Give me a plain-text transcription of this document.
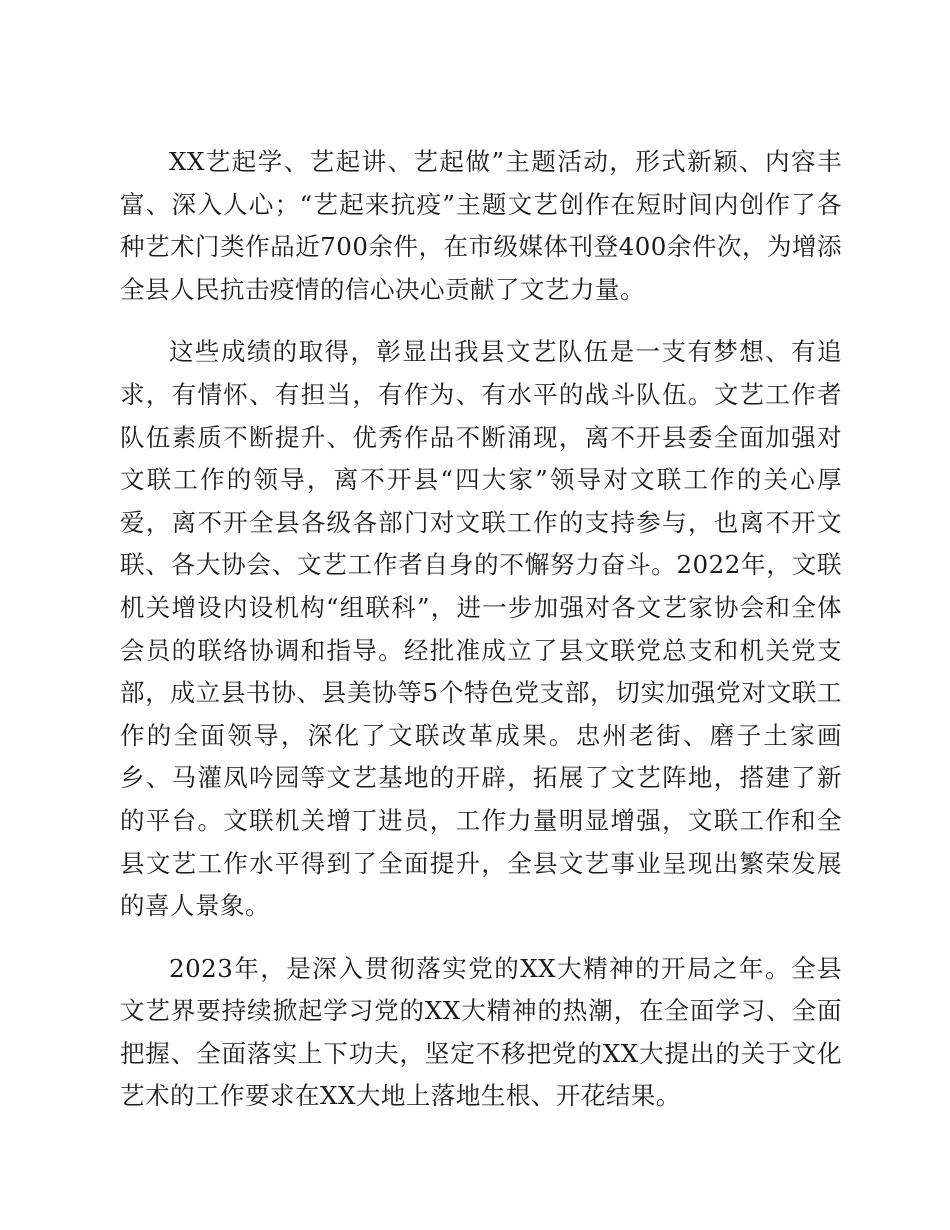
XX艺起学、艺起讲、艺起做”主题活动，形式新颖、内容丰富、深入人心；“艺起来抗疫”主题文艺创作在短时间内创作了各种艺术门类作品近700余件，在市级媒体刊登400余件次，为增添全县人民抗击疫情的信心决心贡献了文艺力量。

这些成绩的取得，彰显出我县文艺队伍是一支有梦想、有追求，有情怀、有担当，有作为、有水平的战斗队伍。文艺工作者队伍素质不断提升、优秀作品不断涌现，离不开县委全面加强对文联工作的领导，离不开县“四大家”领导对文联工作的关心厚爱，离不开全县各级各部门对文联工作的支持参与，也离不开文联、各大协会、文艺工作者自身的不懈努力奋斗。2022年，文联机关增设内设机构“组联科”，进一步加强对各文艺家协会和全体会员的联络协调和指导。经批准成立了县文联党总支和机关党支部，成立县书协、县美协等5个特色党支部，切实加强党对文联工作的全面领导，深化了文联改革成果。忠州老街、磨子土家画乡、马灌凤吟园等文艺基地的开辟，拓展了文艺阵地，搭建了新的平台。文联机关增丁进员，工作力量明显增强，文联工作和全县文艺工作水平得到了全面提升，全县文艺事业呈现出繁荣发展的喜人景象。

2023年，是深入贯彻落实党的XX大精神的开局之年。全县文艺界要持续掀起学习党的XX大精神的热潮，在全面学习、全面把握、全面落实上下功夫，坚定不移把党的XX大提出的关于文化艺术的工作要求在XX大地上落地生根、开花结果。
